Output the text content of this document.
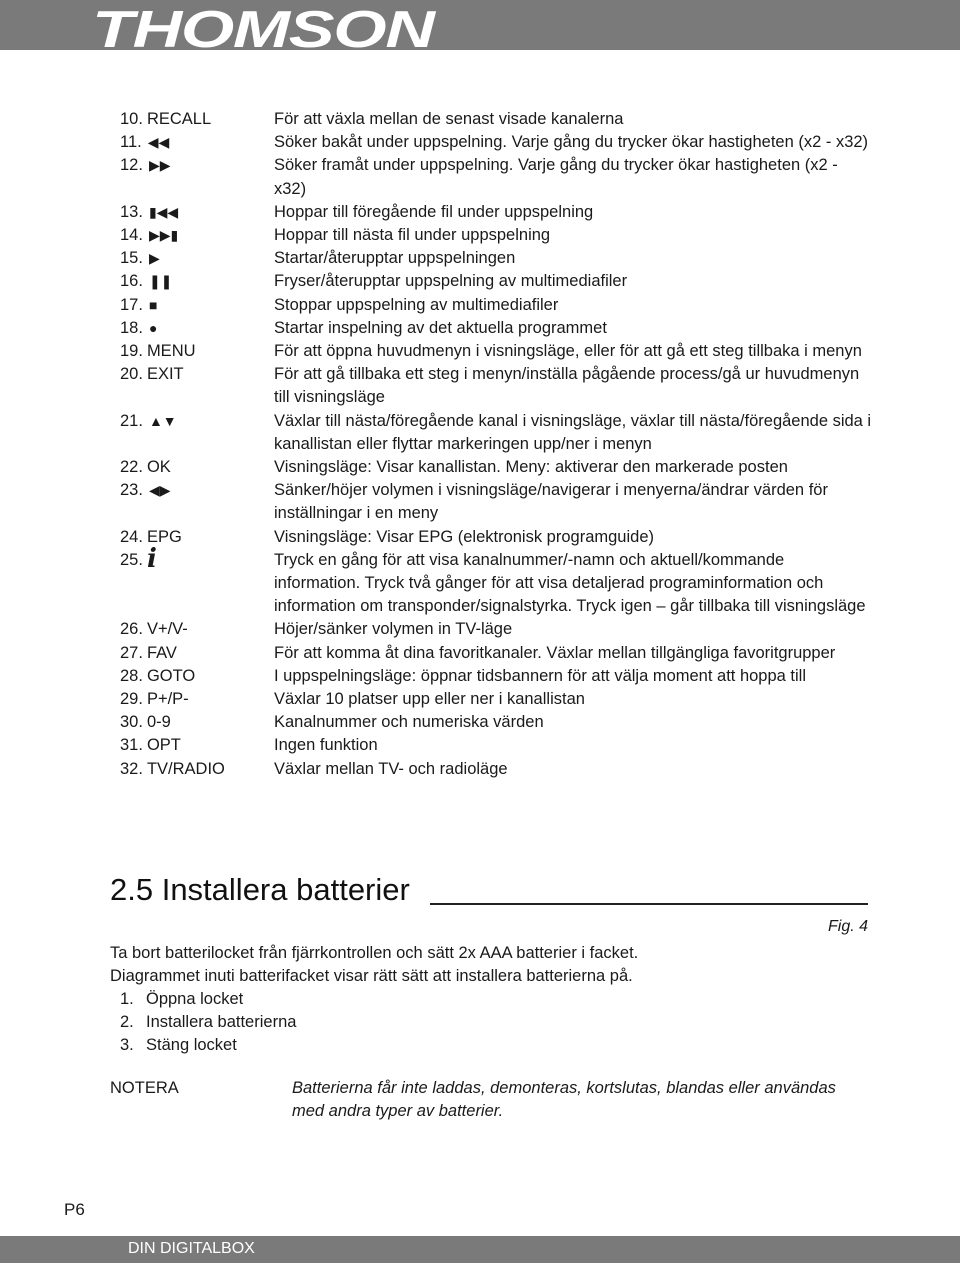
THOMSON
10. RECALL	För att växla mellan de senast visade kanalerna
11. ◀◀	Söker bakåt under uppspelning. Varje gång du trycker ökar hastigheten (x2 - x32)
12. ▶▶	Söker framåt under uppspelning. Varje gång du trycker ökar hastigheten (x2 - x32)
13. ▮◀◀	Hoppar till föregående fil under uppspelning
14. ▶▶▮	Hoppar till nästa fil under uppspelning
15. ▶	Startar/återupptar uppspelningen
16. ❚❚	Fryser/återupptar uppspelning av multimediafiler
17. ■	Stoppar uppspelning av multimediafiler
18. ●	Startar inspelning av det aktuella programmet
19. MENU	För att öppna huvudmenyn i visningsläge, eller för att gå ett steg tillbaka i menyn
20. EXIT	För att gå tillbaka ett steg i menyn/inställa pågående process/gå ur huvudmenyn till visningsläge
21. ▲▼	Växlar till nästa/föregående kanal i visningsläge, växlar till nästa/föregående sida i kanallistan eller flyttar markeringen upp/ner i menyn
22. OK	Visningsläge: Visar kanallistan. Meny: aktiverar den markerade posten
23. ◀▶	Sänker/höjer volymen i visningsläge/navigerar i menyerna/ändrar värden för inställningar i en meny
24. EPG	Visningsläge: Visar EPG (elektronisk programguide)
25. i	Tryck en gång för att visa kanalnummer/-namn och aktuell/kommande information. Tryck två gånger för att visa detaljerad programinformation och information om transponder/signalstyrka. Tryck igen – går tillbaka till visningsläge
26. V+/V-	Höjer/sänker volymen in TV-läge
27. FAV	För att komma åt dina favoritkanaler. Växlar mellan tillgängliga favoritgrupper
28. GOTO	I uppspelningsläge: öppnar tidsbannern för att välja moment att hoppa till
29. P+/P-	Växlar 10 platser upp eller ner i kanallistan
30. 0-9	Kanalnummer och numeriska värden
31. OPT	Ingen funktion
32. TV/RADIO	Växlar mellan TV- och radioläge
2.5 Installera batterier
Fig. 4
Ta bort batterilocket från fjärrkontrollen och sätt 2x AAA batterier i facket.
Diagrammet inuti batterifacket visar rätt sätt att installera batterierna på.
1. Öppna locket
2. Installera batterierna
3. Stäng locket
NOTERA	Batterierna får inte laddas, demonteras, kortslutas, blandas eller användas med andra typer av batterier.
P6
DIN DIGITALBOX
